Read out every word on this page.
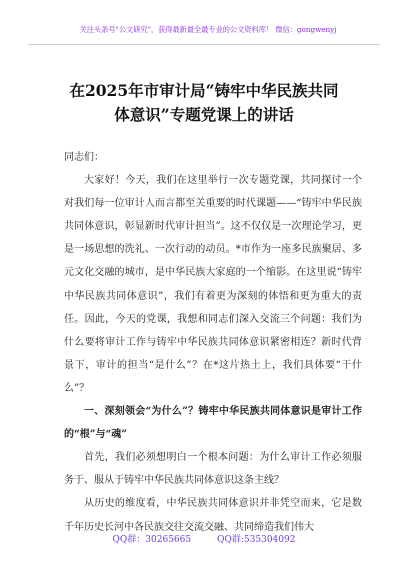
关注头条号"公文研究"，获得最新最全最专业的公文资料库！ 微信：gongwenyj
在2025年市审计局“铸牢中华民族共同
体意识”专题党课上的讲话

同志们：

大家好！今天，我们在这里举行一次专题党课，共同探讨一个对我们每一位审计人而言都至关重要的时代课题——“铸牢中华民族共同体意识，彰显新时代审计担当”。这不仅仅是一次理论学习，更是一场思想的洗礼、一次行动的动员。*市作为一座多民族聚居、多元文化交融的城市，是中华民族大家庭的一个缩影。在这里说“铸牢中华民族共同体意识”，我们有着更为深刻的体悟和更为重大的责任。因此，今天的党课，我想和同志们深入交流三个问题：我们为什么要将审计工作与铸牢中华民族共同体意识紧密相连？新时代背景下，审计的担当“是什么”？在*这片热土上，我们具体要“干什么”？

一、深刻领会“为什么”？铸牢中华民族共同体意识是审计工作的“根”与“魂”

首先，我们必须想明白一个根本问题：为什么审计工作必须服务于、服从于铸牢中华民族共同体意识这条主线？

从历史的维度看，中华民族共同体意识并非凭空而来，它是数千年历史长河中各民族交往交流交融、共同缔造我们伟大

QQ群：30265665	QQ群:535304092
